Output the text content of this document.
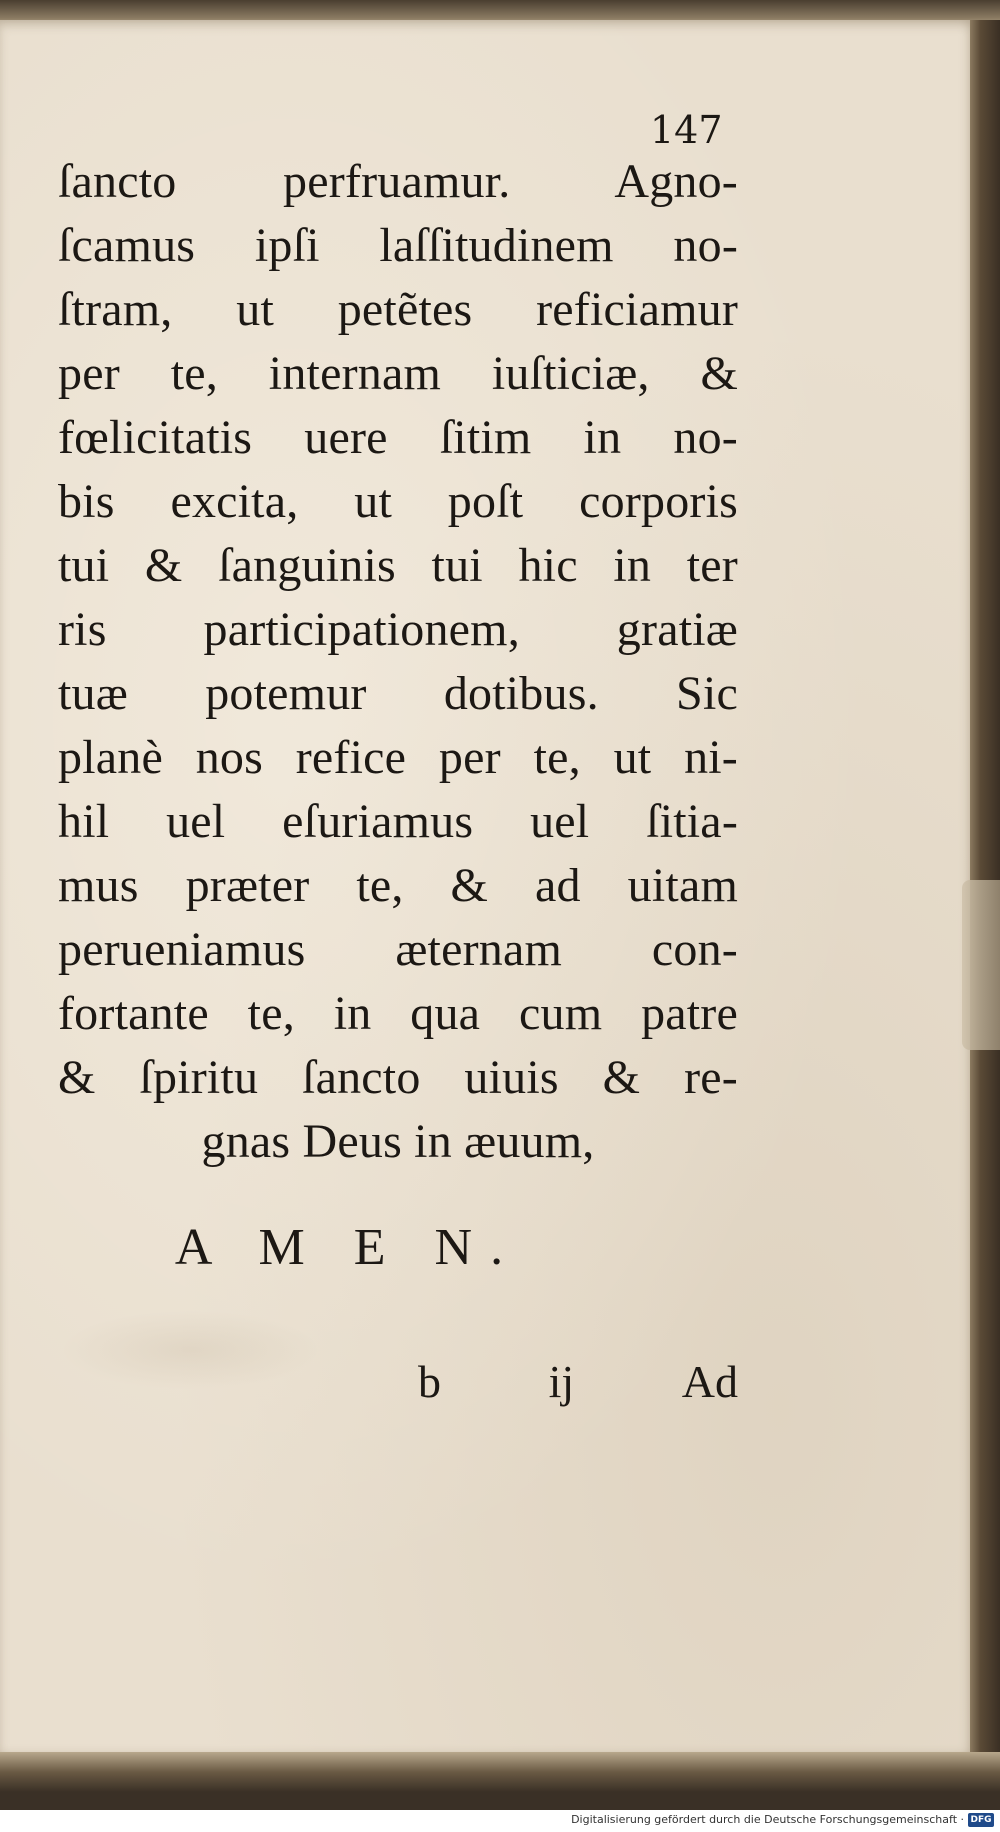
147
ſancto perfruamur. Agno-
ſcamus ipſi laſſitudinem no-
ſtram, ut petẽtes reficiamur
per te, internam iuſticiæ, &
fœlicitatis uere ſitim in no-
bis excita, ut poſt corporis
tui & ſanguinis tui hic in ter
ris participationem, gratiæ
tuæ potemur dotibus. Sic
planè nos refice per te, ut ni-
hil uel eſuriamus uel ſitia-
mus præter te, & ad uitam
perueniamus æternam con-
fortante te, in qua cum patre
& ſpiritu ſancto uiuis & re-
gnas Deus in æuum,
A M E N.
b ij Ad
Digitalisierung gefördert durch die Deutsche Forschungsgemeinschaft · DFG
